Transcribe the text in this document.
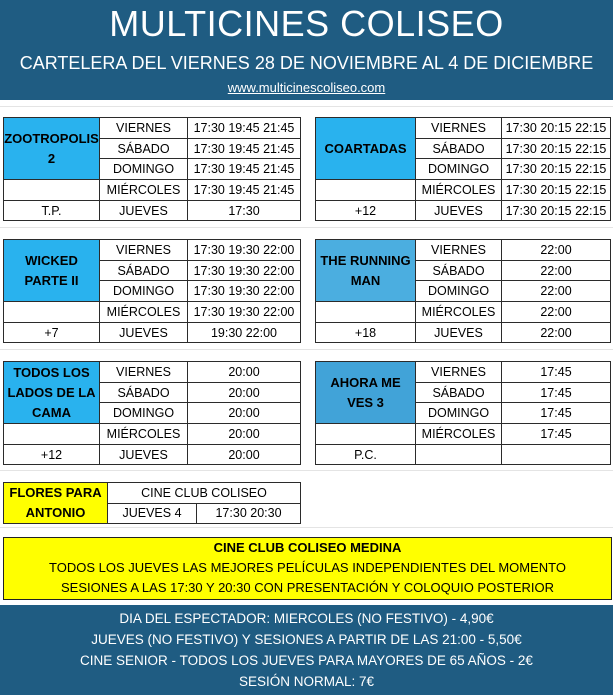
MULTICINES COLISEO
CARTELERA DEL VIERNES 28 DE NOVIEMBRE AL 4 DE DICIEMBRE
www.multicinescoliseo.com
ZOOTROPOLIS 2	VIERNES	17:30 19:45 21:45
	SÁBADO	17:30 19:45 21:45
	DOMINGO	17:30 19:45 21:45
	MIÉRCOLES	17:30 19:45 21:45
T.P.	JUEVES	17:30
COARTADAS	VIERNES	17:30 20:15 22:15
	SÁBADO	17:30 20:15 22:15
	DOMINGO	17:30 20:15 22:15
	MIÉRCOLES	17:30 20:15 22:15
+12	JUEVES	17:30 20:15 22:15
WICKED PARTE II	VIERNES	17:30 19:30 22:00
	SÁBADO	17:30 19:30 22:00
	DOMINGO	17:30 19:30 22:00
	MIÉRCOLES	17:30 19:30 22:00
+7	JUEVES	19:30 22:00
THE RUNNING MAN	VIERNES	22:00
	SÁBADO	22:00
	DOMINGO	22:00
	MIÉRCOLES	22:00
+18	JUEVES	22:00
TODOS LOS LADOS DE LA CAMA	VIERNES	20:00
	SÁBADO	20:00
	DOMINGO	20:00
	MIÉRCOLES	20:00
+12	JUEVES	20:00
AHORA ME VES 3	VIERNES	17:45
	SÁBADO	17:45
	DOMINGO	17:45
	MIÉRCOLES	17:45
P.C.		
FLORES PARA ANTONIO	CINE CLUB COLISEO	
	JUEVES 4	17:30 20:30
CINE CLUB COLISEO MEDINA
TODOS LOS JUEVES LAS MEJORES PELÍCULAS INDEPENDIENTES DEL MOMENTO
SESIONES A LAS 17:30 Y 20:30 CON PRESENTACIÓN Y COLOQUIO POSTERIOR
DIA DEL ESPECTADOR: MIERCOLES (NO FESTIVO) - 4,90€
JUEVES (NO FESTIVO) Y SESIONES A PARTIR DE LAS 21:00 - 5,50€
CINE SENIOR - TODOS LOS JUEVES PARA MAYORES DE 65 AÑOS - 2€
SESIÓN NORMAL: 7€
